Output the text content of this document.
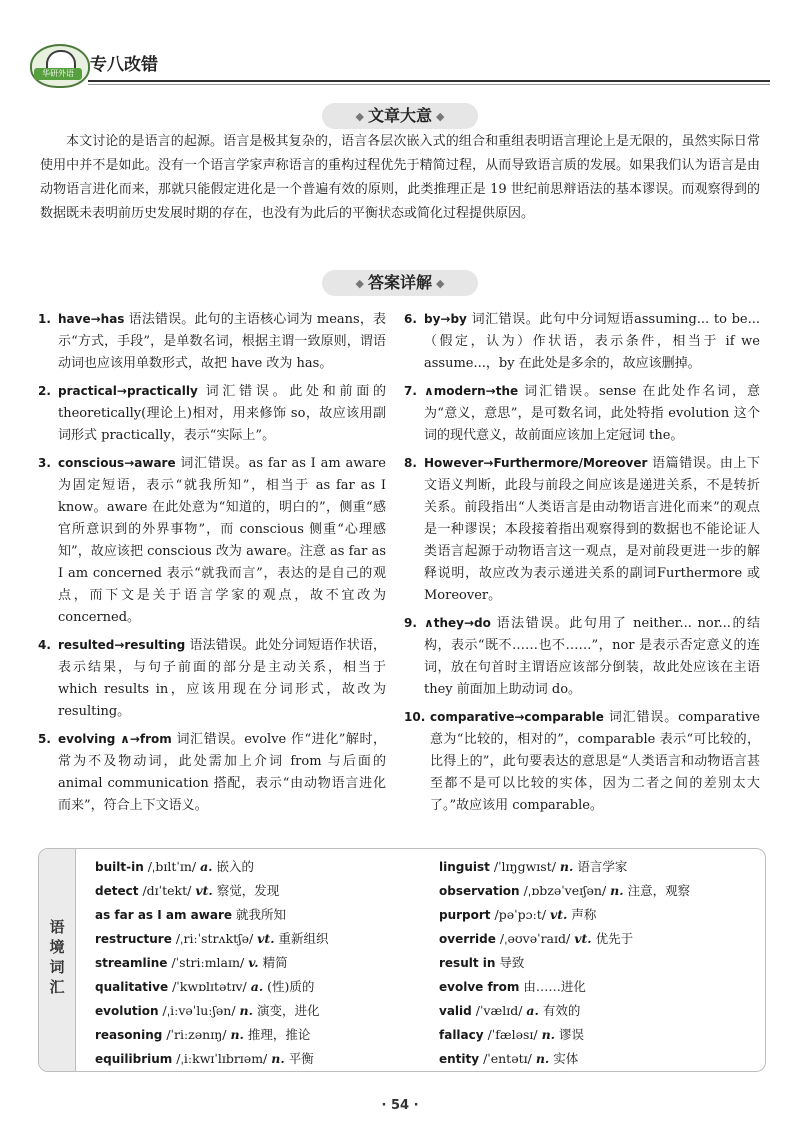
华研外语 专八改错
◆ 文章大意 ◆

本文讨论的是语言的起源。语言是极其复杂的，语言各层次嵌入式的组合和重组表明语言理论上是无限的，虽然实际日常使用中并不是如此。没有一个语言学家声称语言的重构过程优先于精简过程，从而导致语言质的发展。如果我们认为语言是由动物语言进化而来，那就只能假定进化是一个普遍有效的原则，此类推理正是 19 世纪前思辩语法的基本谬误。而观察得到的数据既未表明前历史发展时期的存在，也没有为此后的平衡状态或简化过程提供原因。

◆ 答案详解 ◆
1. have→has 语法错误。此句的主语核心词为 means，表示“方式，手段”，是单数名词，根据主谓一致原则，谓语动词也应该用单数形式，故把 have 改为 has。
2. practical→practically 词汇错误。此处和前面的 theoretically(理论上)相对，用来修饰 so，故应该用副词形式 practically，表示“实际上”。
3. conscious→aware 词汇错误。as far as I am aware 为固定短语，表示“就我所知”，相当于 as far as I know。aware 在此处意为“知道的，明白的”，侧重“感官所意识到的外界事物”，而 conscious 侧重“心理感知”，故应该把 conscious 改为 aware。注意 as far as I am concerned 表示“就我而言”，表达的是自己的观点，而下文是关于语言学家的观点，故不宜改为concerned。
4. resulted→resulting 语法错误。此处分词短语作状语，表示结果，与句子前面的部分是主动关系，相当于 which results in，应该用现在分词形式，故改为resulting。
5. evolving ∧→from 词汇错误。evolve 作“进化”解时，常为不及物动词，此处需加上介词 from 与后面的 animal communication 搭配，表示“由动物语言进化而来”，符合上下文语义。
6. by→by 词汇错误。此句中分词短语assuming... to be...（假定，认为）作状语，表示条件，相当于 if we assume...，by 在此处是多余的，故应该删掉。
7. ∧modern→the 词汇错误。sense 在此处作名词，意为“意义，意思”，是可数名词，此处特指 evolution 这个词的现代意义，故前面应该加上定冠词 the。
8. However→Furthermore/Moreover 语篇错误。由上下文语义判断，此段与前段之间应该是递进关系，不是转折关系。前段指出“人类语言是由动物语言进化而来”的观点是一种谬误；本段接着指出观察得到的数据也不能论证人类语言起源于动物语言这一观点，是对前段更进一步的解释说明，故应改为表示递进关系的副词Furthermore 或Moreover。
9. ∧they→do 语法错误。此句用了 neither... nor...的结构，表示“既不……也不……”，nor 是表示否定意义的连词，放在句首时主谓语应该部分倒装，故此处应该在主语 they 前面加上助动词 do。
10. comparative→comparable 词汇错误。comparative 意为“比较的，相对的”，comparable 表示“可比较的，比得上的”，此句要表达的意思是“人类语言和动物语言甚至都不是可以比较的实体，因为二者之间的差别太大了。”故应该用 comparable。
语
境
词
汇
built-in /ˌbɪltˈɪn/ a. 嵌入的
detect /dɪˈtekt/ vt. 察觉，发现
as far as I am aware 就我所知
restructure /ˌriːˈstrʌktʃə/ vt. 重新组织
streamline /ˈstriːmlaɪn/ v. 精简
qualitative /ˈkwɒlɪtətɪv/ a. (性)质的
evolution /ˌiːvəˈluːʃən/ n. 演变，进化
reasoning /ˈriːzənɪŋ/ n. 推理，推论
equilibrium /ˌiːkwɪˈlɪbrɪəm/ n. 平衡
linguist /ˈlɪŋgwɪst/ n. 语言学家
observation /ˌɒbzəˈveɪʃən/ n. 注意，观察
purport /pəˈpɔːt/ vt. 声称
override /ˌəʊvəˈraɪd/ vt. 优先于
result in 导致
evolve from 由……进化
valid /ˈvælɪd/ a. 有效的
fallacy /ˈfæləsɪ/ n. 谬误
entity /ˈentətɪ/ n. 实体
· 54 ·
